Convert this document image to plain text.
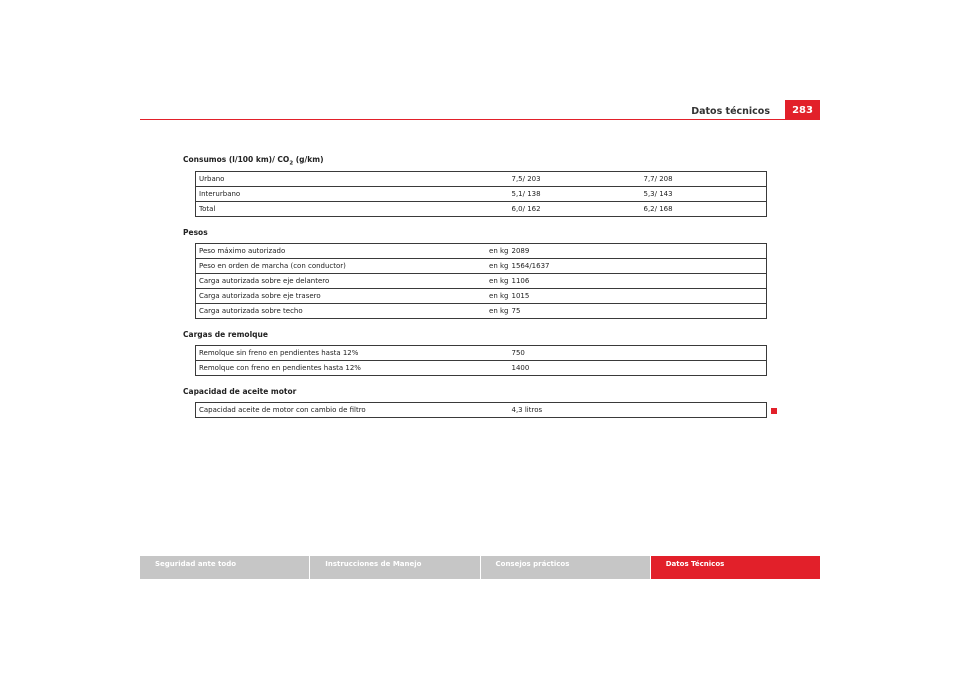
Datos técnicos	283
Consumos (l/100 km)/ $CO_2$ (g/km)
Urbano	7,5/ 203	7,7/ 208
Interurbano	5,1/ 138	5,3/ 143
Total	6,0/ 162	6,2/ 168
Pesos
Peso máximo autorizado	en kg	2089
Peso en orden de marcha (con conductor)	en kg	1564/1637
Carga autorizada sobre eje delantero	en kg	1106
Carga autorizada sobre eje trasero	en kg	1015
Carga autorizada sobre techo	en kg	75
Cargas de remolque
Remolque sin freno en pendientes hasta 12%	750
Remolque con freno en pendientes hasta 12%	1400
Capacidad de aceite motor
Capacidad aceite de motor con cambio de filtro	4,3 litros
Seguridad ante todo	Instrucciones de Manejo	Consejos prácticos	Datos Técnicos
